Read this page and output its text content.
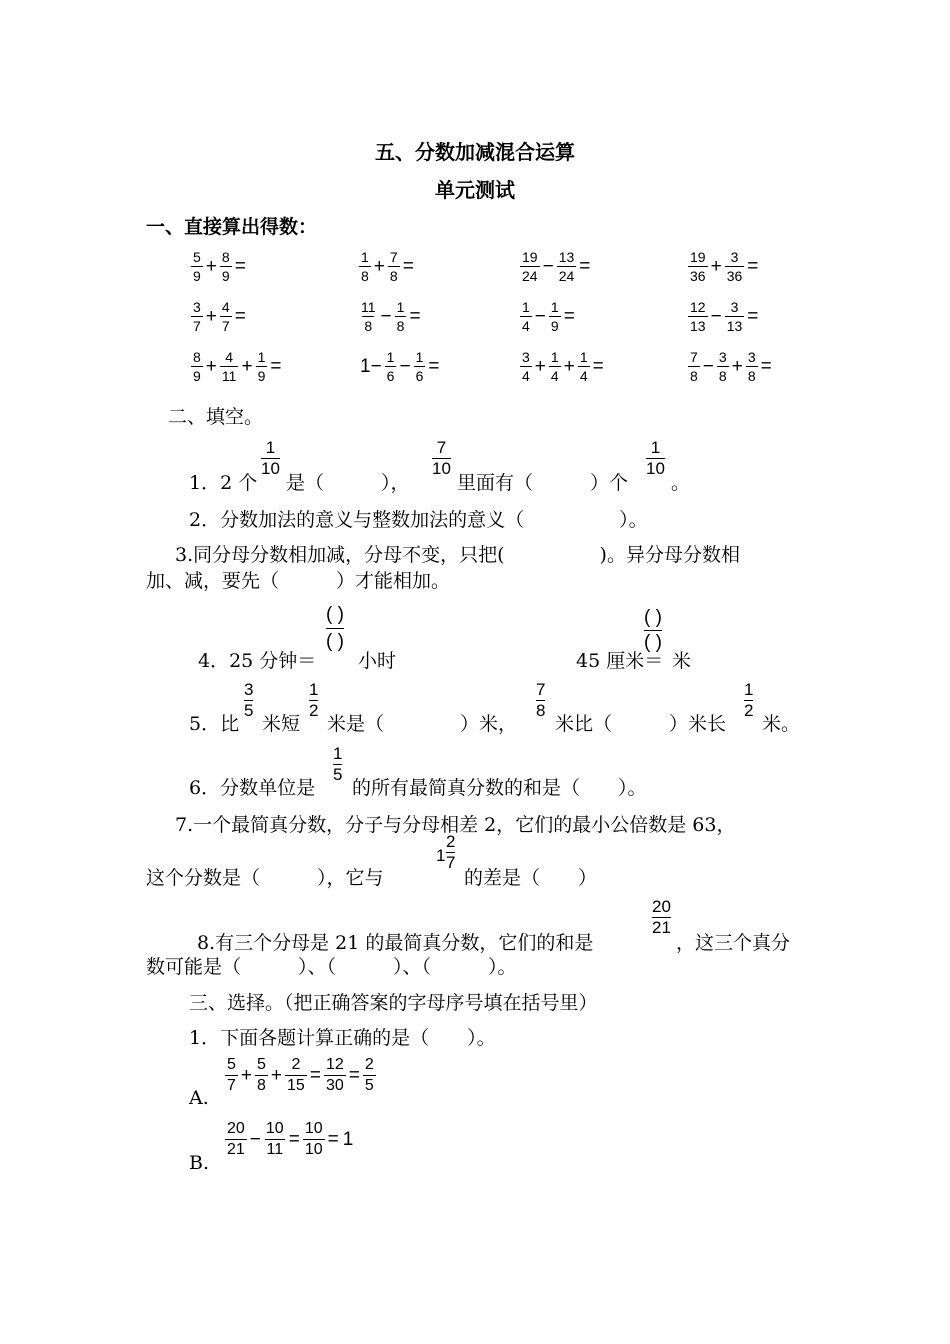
五、分数加减混合运算
单元测试
一、直接算出得数：
$\frac{5}{9} + \frac{8}{9}$ =	$\frac{1}{8} + \frac{7}{8}$ =	$\frac{19}{24} - \frac{13}{24}$ =	$\frac{19}{36} + \frac{3}{36}$ =
$\frac{3}{7} + \frac{4}{7}$ =	$\frac{11}{8} - \frac{1}{8}$ =	$\frac{1}{4} - \frac{1}{9}$ =	$\frac{12}{13} - \frac{3}{13}$ =
$\frac{8}{9} + \frac{4}{11} + \frac{1}{9}$ =	$1- \frac{1}{6} - \frac{1}{6}$ =	$\frac{3}{4} + \frac{1}{4} + \frac{1}{4}$ =	$\frac{7}{8} - \frac{3}{8} + \frac{3}{8}$ =
二、填空。
1．2 个
$\frac{1}{10}$
是（　　　），
$\frac{7}{10}$
里面有（　　　）个
$\frac{1}{10}$
。
2．分数加法的意义与整数加法的意义（　　　　　）。
3.同分母分数相加减，分母不变，只把(　　　　　)。异分母分数相
加、减，要先（　　　）才能相加。
4．25 分钟＝
( )
( )
小时	45 厘米＝
( )
( )
米
5．比
$\frac{3}{5}$
米短
$\frac{1}{2}$
米是（　　　　）米，
$\frac{7}{8}$
米比（　　　）米长
$\frac{1}{2}$
米。
6．分数单位是
$\frac{1}{5}$
的所有最简真分数的和是（　　）。
7.一个最简真分数，分子与分母相差 2，它们的最小公倍数是 63，
这个分数是（　　　），它与
$1 \frac{2}{7}$
的差是（　　）
8.有三个分母是 21 的最简真分数，它们的和是
$\frac{20}{21}$
，这三个真分
数可能是（　　　）、（　　　）、（　　　）。
三、选择。（把正确答案的字母序号填在括号里）
1．下面各题计算正确的是（　　）。
A.
$\frac{5}{7} + \frac{5}{8} + \frac{2}{15} = \frac{12}{30} = \frac{2}{5}$
B.
$\frac{20}{21} - \frac{10}{11} = \frac{10}{10} = 1$
